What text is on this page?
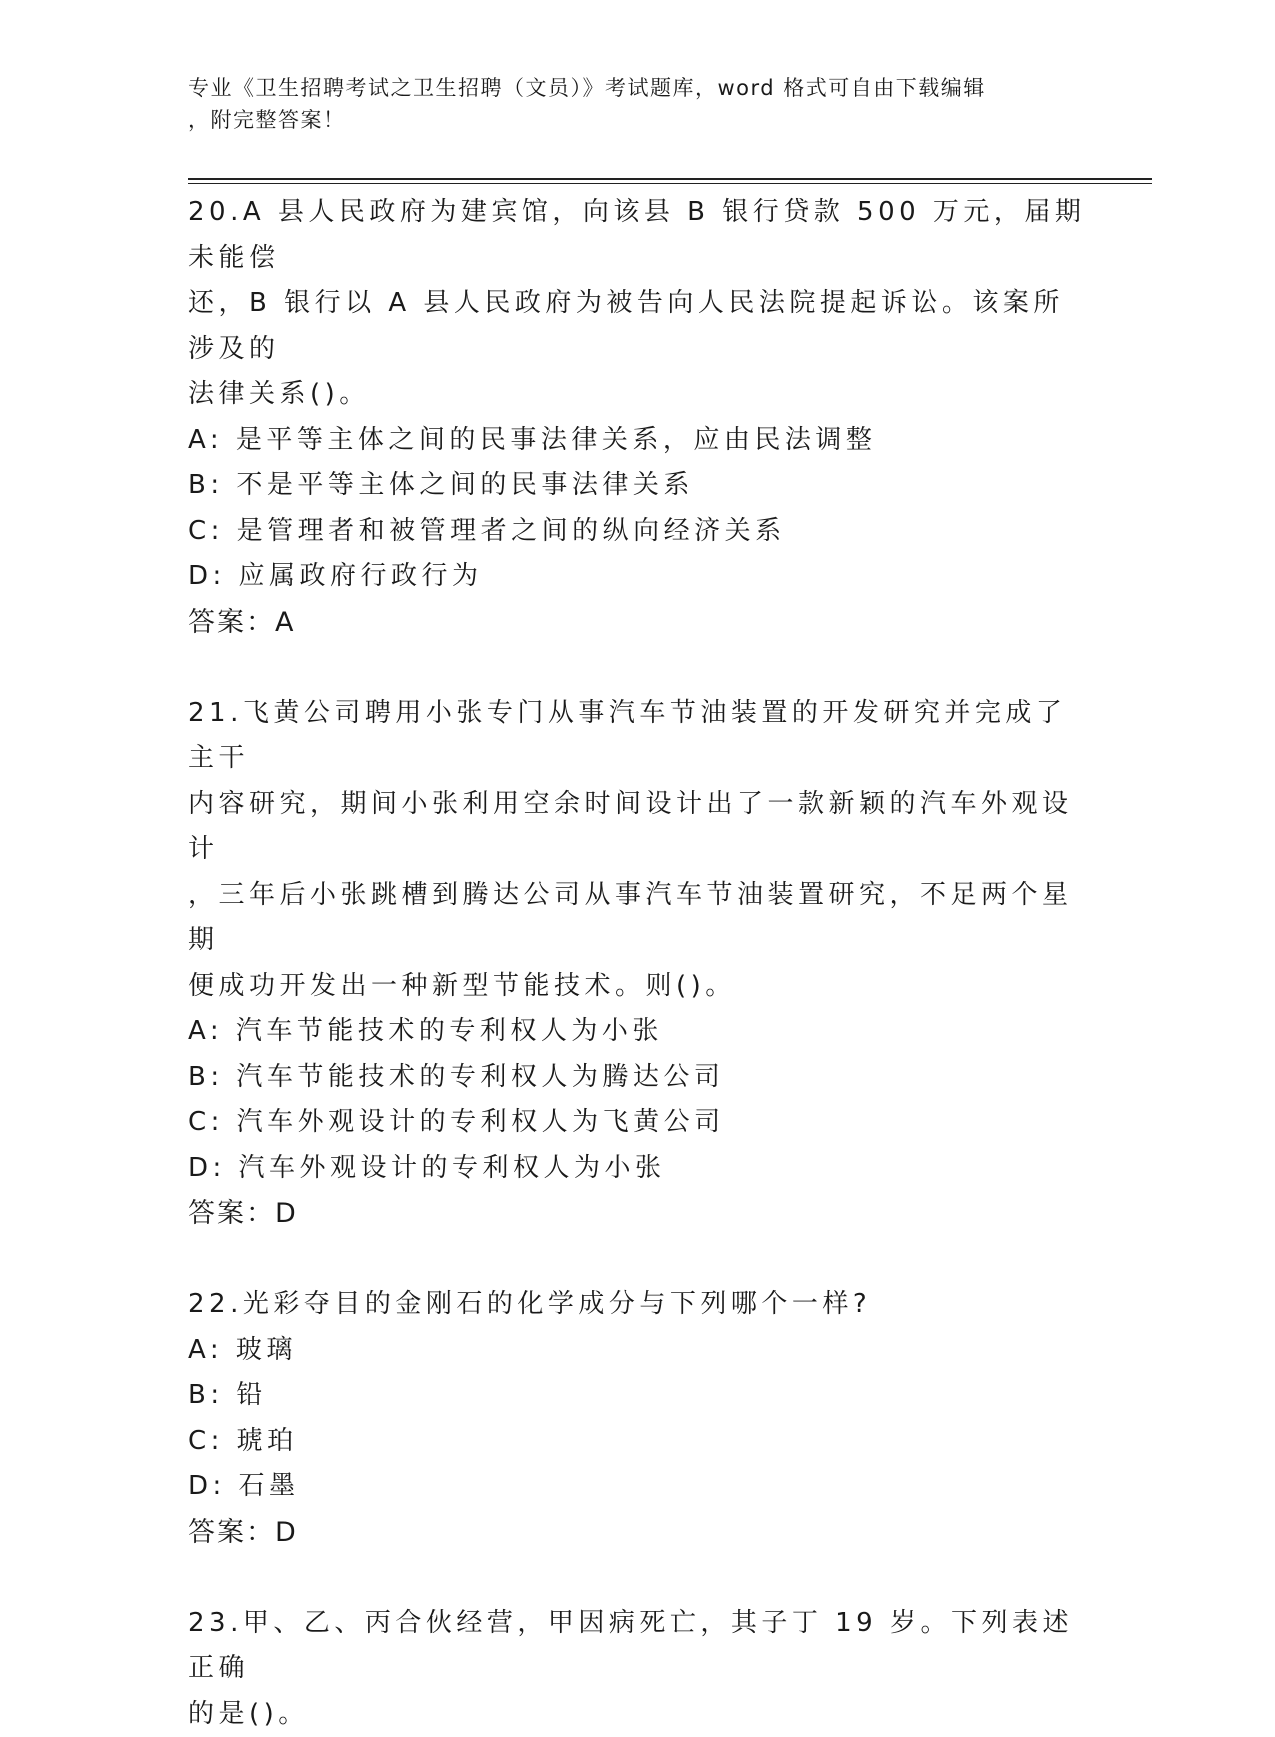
专业《卫生招聘考试之卫生招聘（文员）》考试题库，word 格式可自由下载编辑
，附完整答案！

20.A 县人民政府为建宾馆，向该县 B 银行贷款 500 万元，届期未能偿

还，B 银行以 A 县人民政府为被告向人民法院提起诉讼。该案所涉及的

法律关系()。

A: 是平等主体之间的民事法律关系，应由民法调整

B: 不是平等主体之间的民事法律关系

C: 是管理者和被管理者之间的纵向经济关系

D: 应属政府行政行为

答案：A

21.飞黄公司聘用小张专门从事汽车节油装置的开发研究并完成了主干

内容研究，期间小张利用空余时间设计出了一款新颖的汽车外观设计

，三年后小张跳槽到腾达公司从事汽车节油装置研究，不足两个星期

便成功开发出一种新型节能技术。则()。

A: 汽车节能技术的专利权人为小张

B: 汽车节能技术的专利权人为腾达公司

C: 汽车外观设计的专利权人为飞黄公司

D: 汽车外观设计的专利权人为小张

答案：D

22.光彩夺目的金刚石的化学成分与下列哪个一样?

A: 玻璃

B: 铅

C: 琥珀

D: 石墨

答案：D

23.甲、乙、丙合伙经营，甲因病死亡，其子丁 19 岁。下列表述正确

的是()。
